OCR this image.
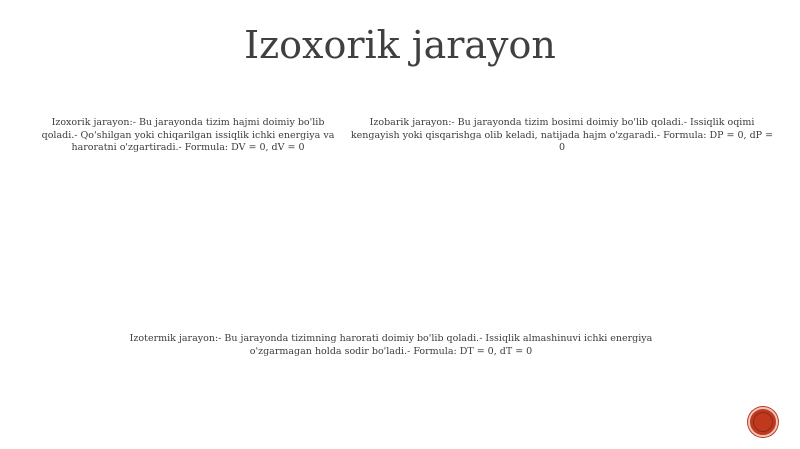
Izoxorik jarayon
Izoxorik jarayon:- Bu jarayonda tizim hajmi doimiy bo'lib qoladi.- Qo'shilgan yoki chiqarilgan issiqlik ichki energiya va haroratni o'zgartiradi.- Formula: DV = 0, dV = 0
Izobarik jarayon:- Bu jarayonda tizim bosimi doimiy bo'lib qoladi.- Issiqlik oqimi kengayish yoki qisqarishga olib keladi, natijada hajm o'zgaradi.- Formula: DP = 0, dP = 0
Izotermik jarayon:- Bu jarayonda tizimning harorati doimiy bo'lib qoladi.- Issiqlik almashinuvi ichki energiya o'zgarmagan holda sodir bo'ladi.- Formula: DT = 0, dT = 0
